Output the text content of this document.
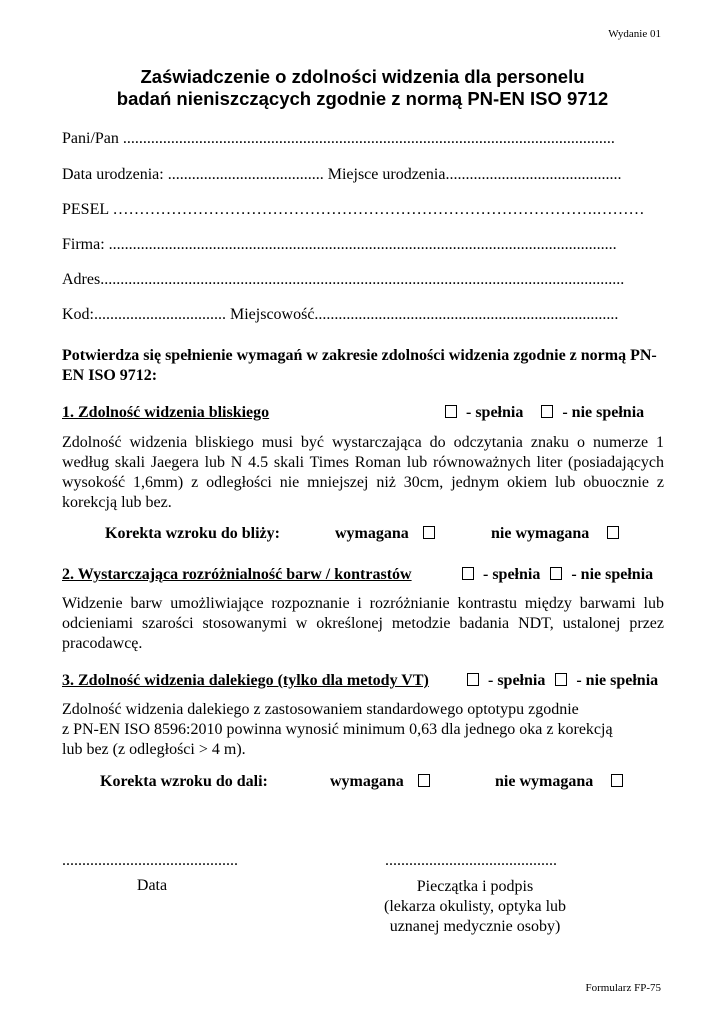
Wydanie 01
Zaświadczenie o zdolności widzenia dla personelu
badań nieniszczących zgodnie z normą PN-EN ISO 9712
Pani/Pan ...........................................................................................................................
Data urodzenia: ....................................... Miejsce urodzenia............................................
PESEL ……………………………………………………………………………….………
Firma: ...............................................................................................................................
Adres...................................................................................................................................
Kod:................................. Miejscowość............................................................................
Potwierdza się spełnienie wymagań w zakresie zdolności widzenia zgodnie z normą PN-EN ISO 9712:
1. Zdolność widzenia bliskiego	- spełnia  - nie spełnia
Zdolność widzenia bliskiego musi być wystarczająca do odczytania znaku o numerze 1 według skali Jaegera lub N 4.5 skali Times Roman lub równoważnych liter (posiadających wysokość 1,6mm) z odległości nie mniejszej niż 30cm, jednym okiem lub obuocznie z korekcją lub bez.
Korekta wzroku do bliży:	wymagana	nie wymagana
2. Wystarczająca rozróżnialność barw / kontrastów	- spełnia  - nie spełnia
Widzenie barw umożliwiające rozpoznanie i rozróżnianie kontrastu między barwami lub odcieniami szarości stosowanymi w określonej metodzie badania NDT, ustalonej przez pracodawcę.
3. Zdolność widzenia dalekiego (tylko dla metody VT)	- spełnia  - nie spełnia
Zdolność widzenia dalekiego z zastosowaniem standardowego optotypu zgodnie
z PN-EN ISO 8596:2010 powinna wynosić minimum 0,63 dla jednego oka z korekcją
lub bez (z odległości > 4 m).
Korekta wzroku do dali:	wymagana	nie wymagana
............................................
Data
...........................................
Pieczątka i podpis
(lekarza okulisty, optyka lub
uznanej medycznie osoby)
Formularz FP-75
